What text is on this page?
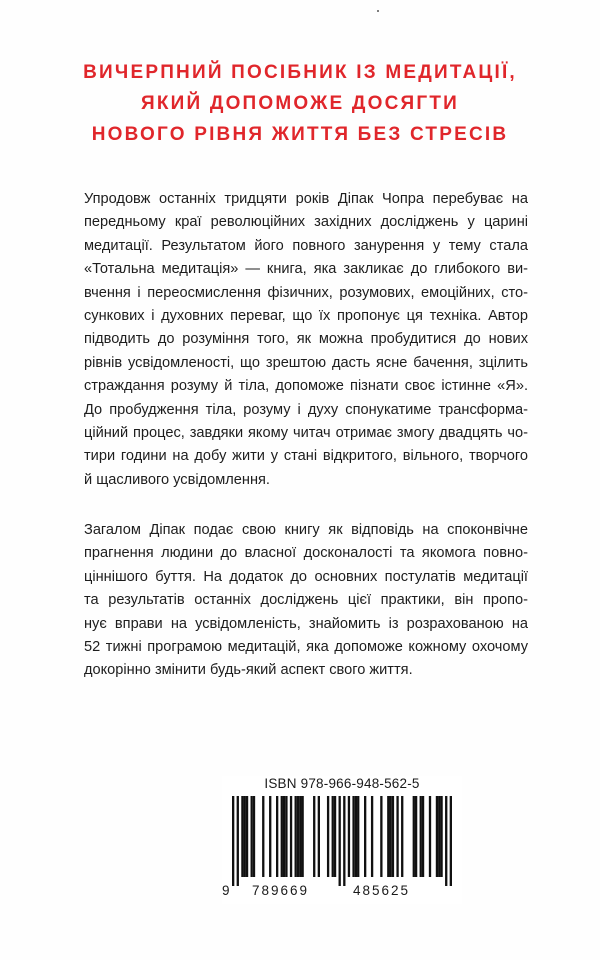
ВИЧЕРПНИЙ ПОСІБНИК ІЗ МЕДИТАЦІЇ,
ЯКИЙ ДОПОМОЖЕ ДОСЯГТИ
НОВОГО РІВНЯ ЖИТТЯ БЕЗ СТРЕСІВ
Упродовж останніх тридцяти років Діпак Чопра перебуває на
передньому краї революційних західних досліджень у царині
медитації. Результатом його повного занурення у тему стала
«Тотальна медитація» — книга, яка закликає до глибокого ви-
вчення і переосмислення фізичних, розумових, емоційних, сто-
сункових і духовних переваг, що їх пропонує ця техніка. Автор
підводить до розуміння того, як можна пробудитися до нових
рівнів усвідомленості, що зрештою дасть ясне бачення, зцілить
страждання розуму й тіла, допоможе пізнати своє істинне «Я».
До пробудження тіла, розуму і духу спонукатиме трансформа-
ційний процес, завдяки якому читач отримає змогу двадцять чо-
тири години на добу жити у стані відкритого, вільного, творчого
й щасливого усвідомлення.
Загалом Діпак подає свою книгу як відповідь на споконвічне
прагнення людини до власної досконалості та якомога повно-
ціннішого буття. На додаток до основних постулатів медитації
та результатів останніх досліджень цієї практики, він пропо-
нує вправи на усвідомленість, знайомить із розрахованою на
52 тижні програмою медитацій, яка допоможе кожному охочому
докорінно змінити будь-який аспект свого життя.
ISBN 978-966-948-562-5
9 789669	485625
